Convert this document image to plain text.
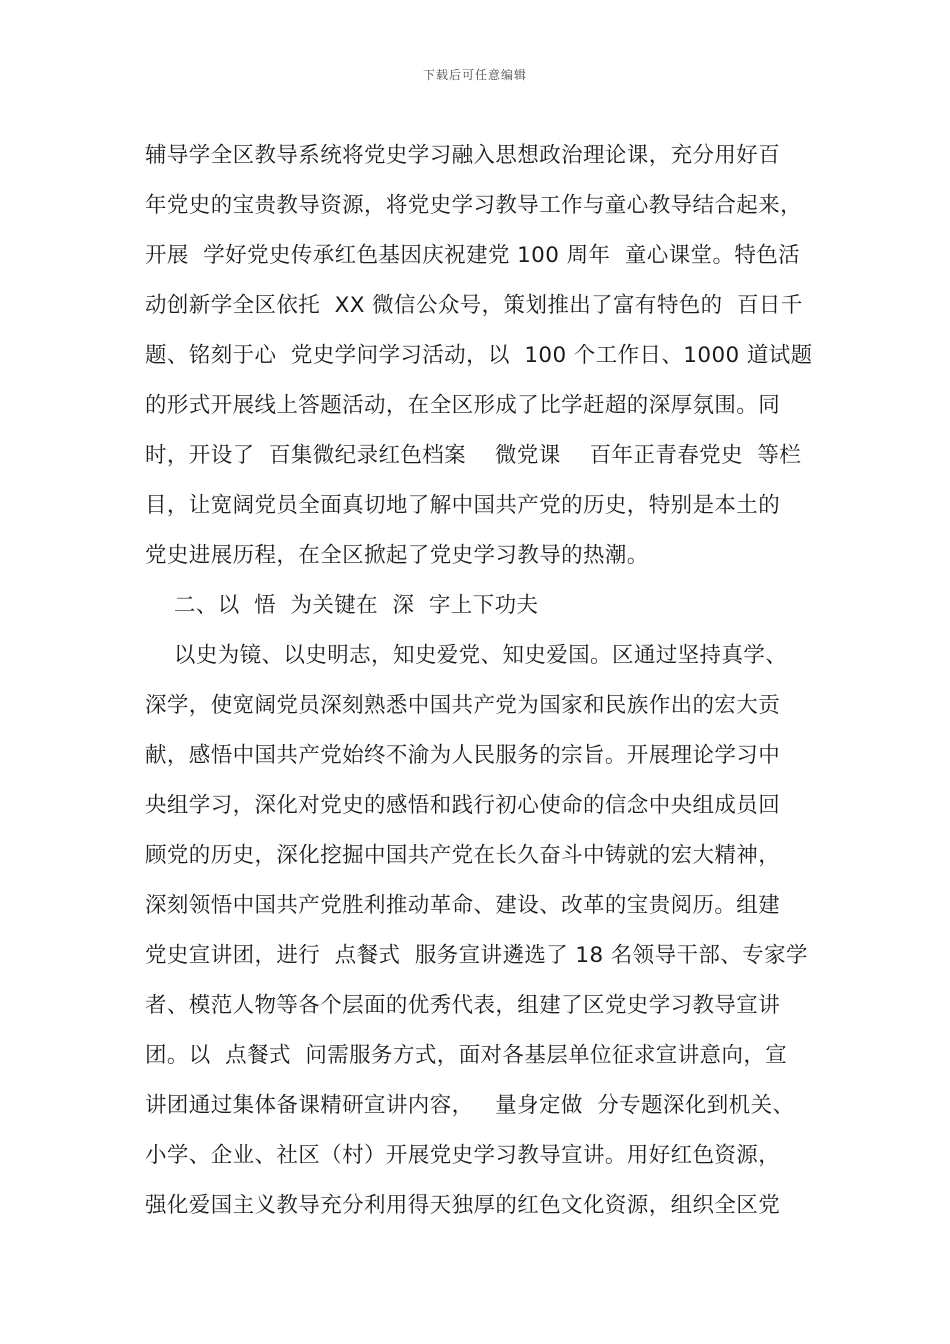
下载后可任意编辑
辅导学全区教导系统将党史学习融入思想政治理论课，充分用好百
年党史的宝贵教导资源，将党史学习教导工作与童心教导结合起来，
开展  学好党史传承红色基因庆祝建党 100 周年  童心课堂。特色活
动创新学全区依托  XX 微信公众号，策划推出了富有特色的  百日千
题、铭刻于心  党史学问学习活动，以  100 个工作日、1000 道试题
的形式开展线上答题活动，在全区形成了比学赶超的深厚氛围。同
时，开设了  百集微纪录红色档案    微党课    百年正青春党史  等栏
目，让宽阔党员全面真切地了解中国共产党的历史，特别是本土的
党史进展历程，在全区掀起了党史学习教导的热潮。
二、以  悟  为关键在  深  字上下功夫
以史为镜、以史明志，知史爱党、知史爱国。区通过坚持真学、
深学，使宽阔党员深刻熟悉中国共产党为国家和民族作出的宏大贡
献，感悟中国共产党始终不渝为人民服务的宗旨。开展理论学习中
央组学习，深化对党史的感悟和践行初心使命的信念中央组成员回
顾党的历史，深化挖掘中国共产党在长久奋斗中铸就的宏大精神，
深刻领悟中国共产党胜利推动革命、建设、改革的宝贵阅历。组建
党史宣讲团，进行  点餐式  服务宣讲遴选了 18 名领导干部、专家学
者、模范人物等各个层面的优秀代表，组建了区党史学习教导宣讲
团。以  点餐式  问需服务方式，面对各基层单位征求宣讲意向，宣
讲团通过集体备课精研宣讲内容，   量身定做  分专题深化到机关、
小学、企业、社区（村）开展党史学习教导宣讲。用好红色资源，
强化爱国主义教导充分利用得天独厚的红色文化资源，组织全区党
